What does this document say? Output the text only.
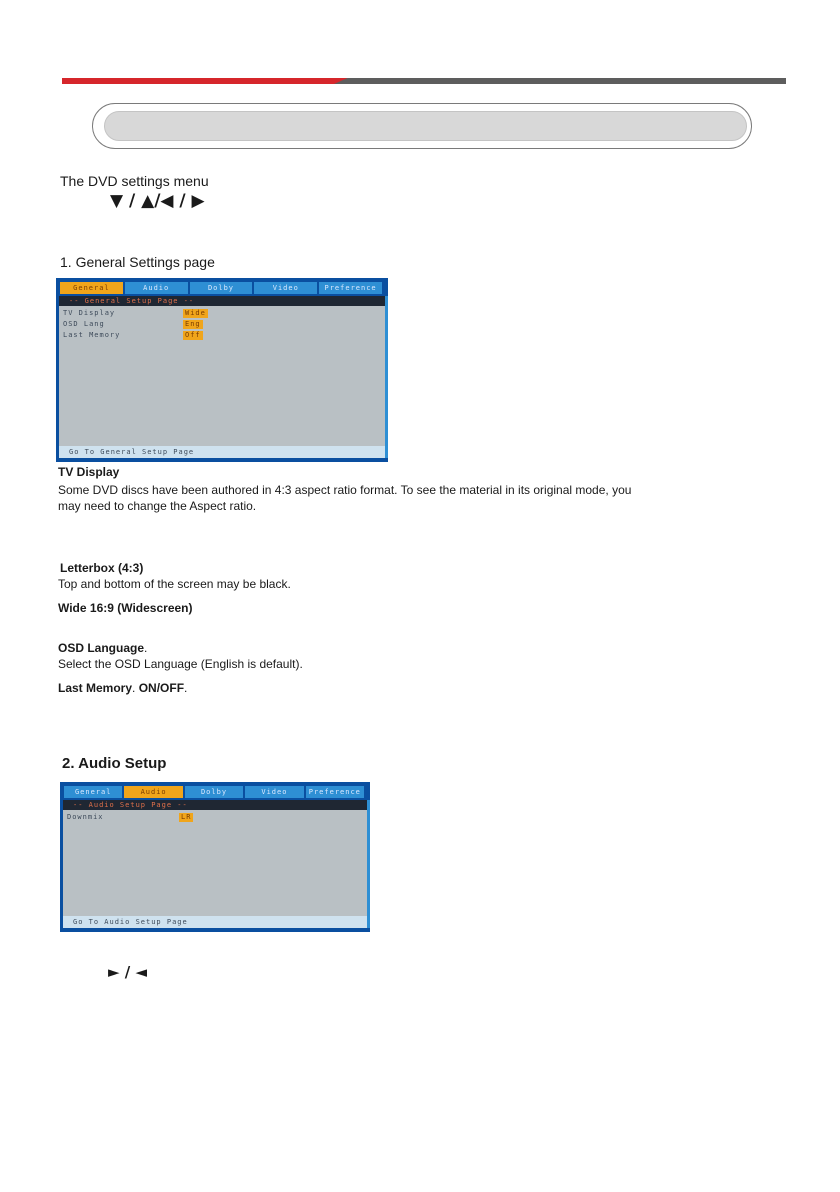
The DVD settings menu
▼ / ▲/◀ / ▶
1. General Settings page
General	Audio	Dolby	Video	Preference
-- General Setup Page --
TV Display	Wide
OSD Lang	Eng
Last Memory	Off
Go To General Setup Page
TV Display
Some DVD discs have been authored in 4:3 aspect ratio format. To see the material in its original mode, you
may need to change the Aspect ratio.
Letterbox (4:3)
Top and bottom of the screen may be black.
Wide 16:9 (Widescreen)
OSD Language.
Select the OSD Language (English is default).
Last Memory. ON/OFF.
2. Audio Setup
General	Audio	Dolby	Video	Preference
-- Audio Setup Page --
Downmix	LR
Go To Audio Setup Page
► / ◄
